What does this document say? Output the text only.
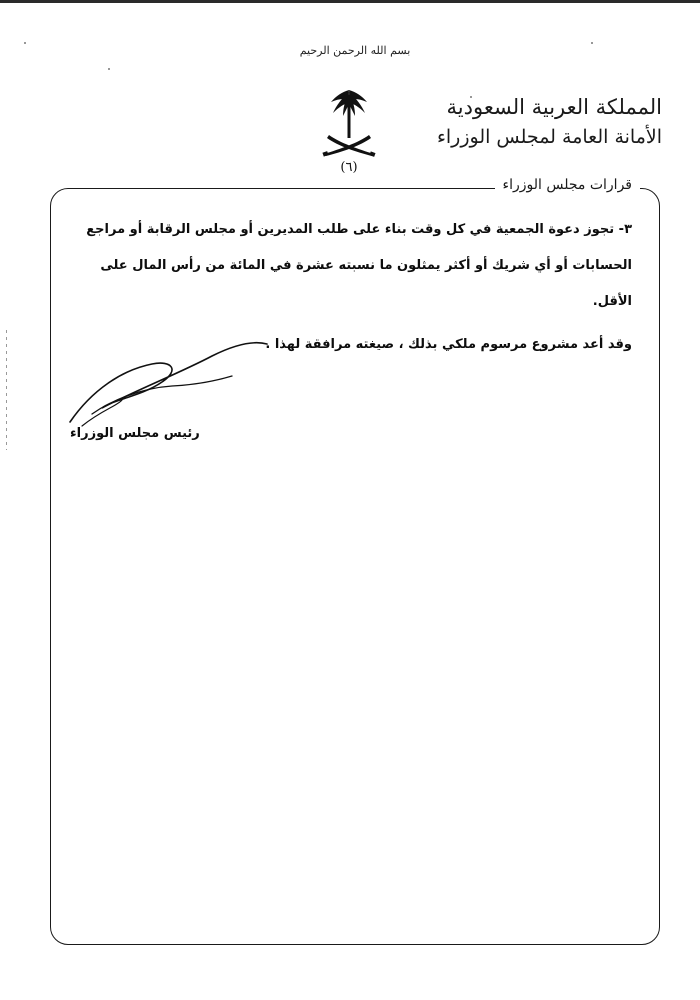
بسم الله الرحمن الرحيم
(٦)
المملكة العربية السعودية
الأمانة العامة لمجلس الوزراء
قرارات مجلس الوزراء
٣- تجوز دعوة الجمعية في كل وقت بناء على طلب المديرين أو مجلس الرقابة أو مراجع الحسابات أو أي شريك أو أكثر يمثلون ما نسبته عشرة في المائة من رأس المال على الأقل.
وقد أعد مشروع مرسوم ملكي بذلك ، صيغته مرافقة لهذا .
رئيس مجلس الوزراء
